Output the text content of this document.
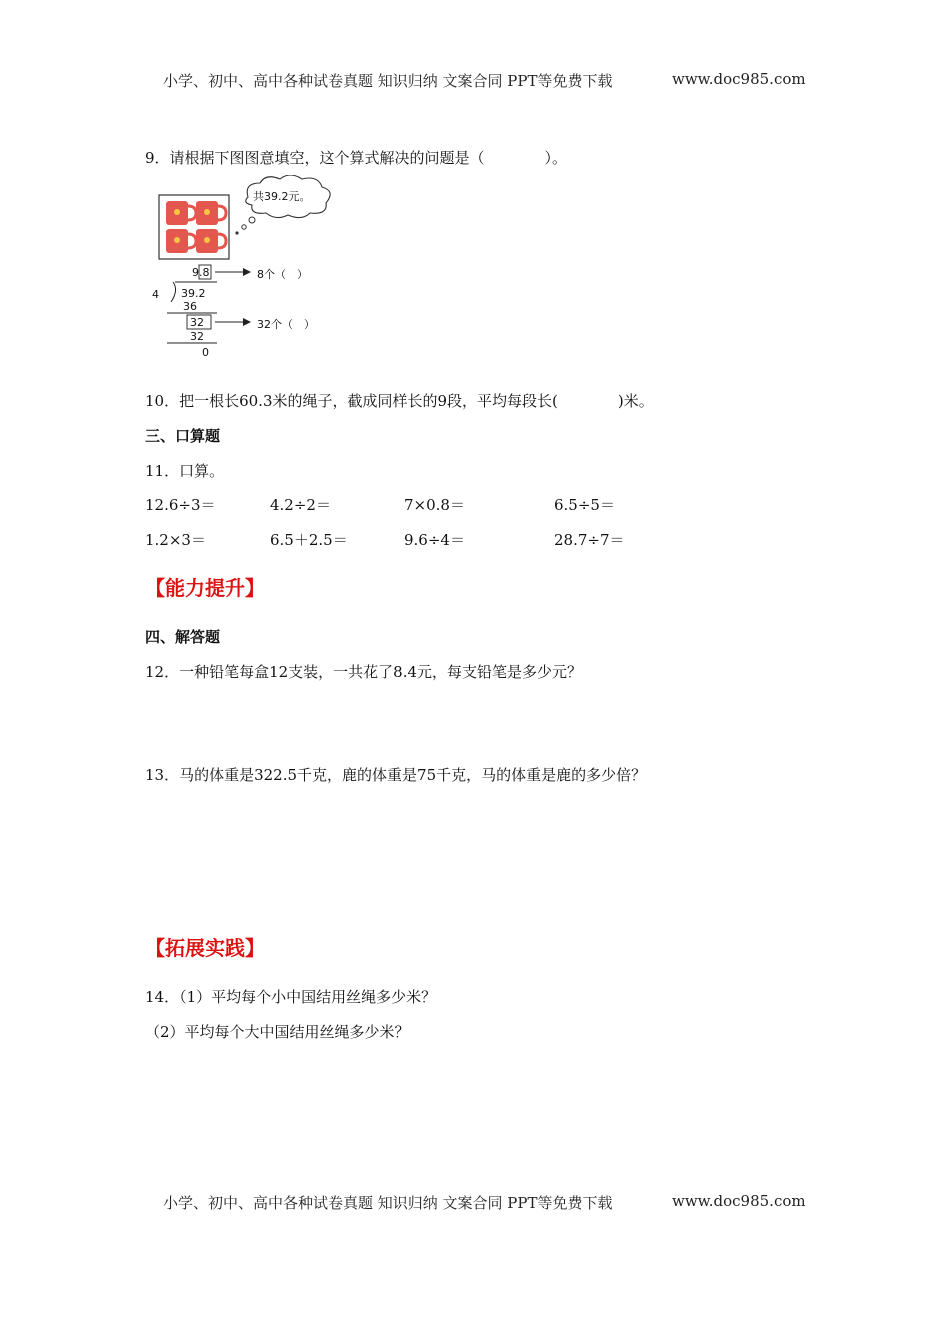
小学、初中、高中各种试卷真题 知识归纳 文案合同 PPT等免费下载	www.doc985.com
9．请根据下图图意填空，这个算式解决的问题是（　　　　）。
共39.2元。
9.8
4 39.2
36
32
32
0
8个（　）
32个（　）
10．把一根长60.3米的绳子，截成同样长的9段，平均每段长(　　　　)米。
三、口算题
11．口算。
12.6÷3＝	4.2÷2＝	7×0.8＝	6.5÷5＝
1.2×3＝	6.5＋2.5＝	9.6÷4＝	28.7÷7＝
【能力提升】
四、解答题
12．一种铅笔每盒12支装，一共花了8.4元，每支铅笔是多少元？
13．马的体重是322.5千克，鹿的体重是75千克，马的体重是鹿的多少倍？
【拓展实践】
14．（1）平均每个小中国结用丝绳多少米？
（2）平均每个大中国结用丝绳多少米？
小学、初中、高中各种试卷真题 知识归纳 文案合同 PPT等免费下载	www.doc985.com
